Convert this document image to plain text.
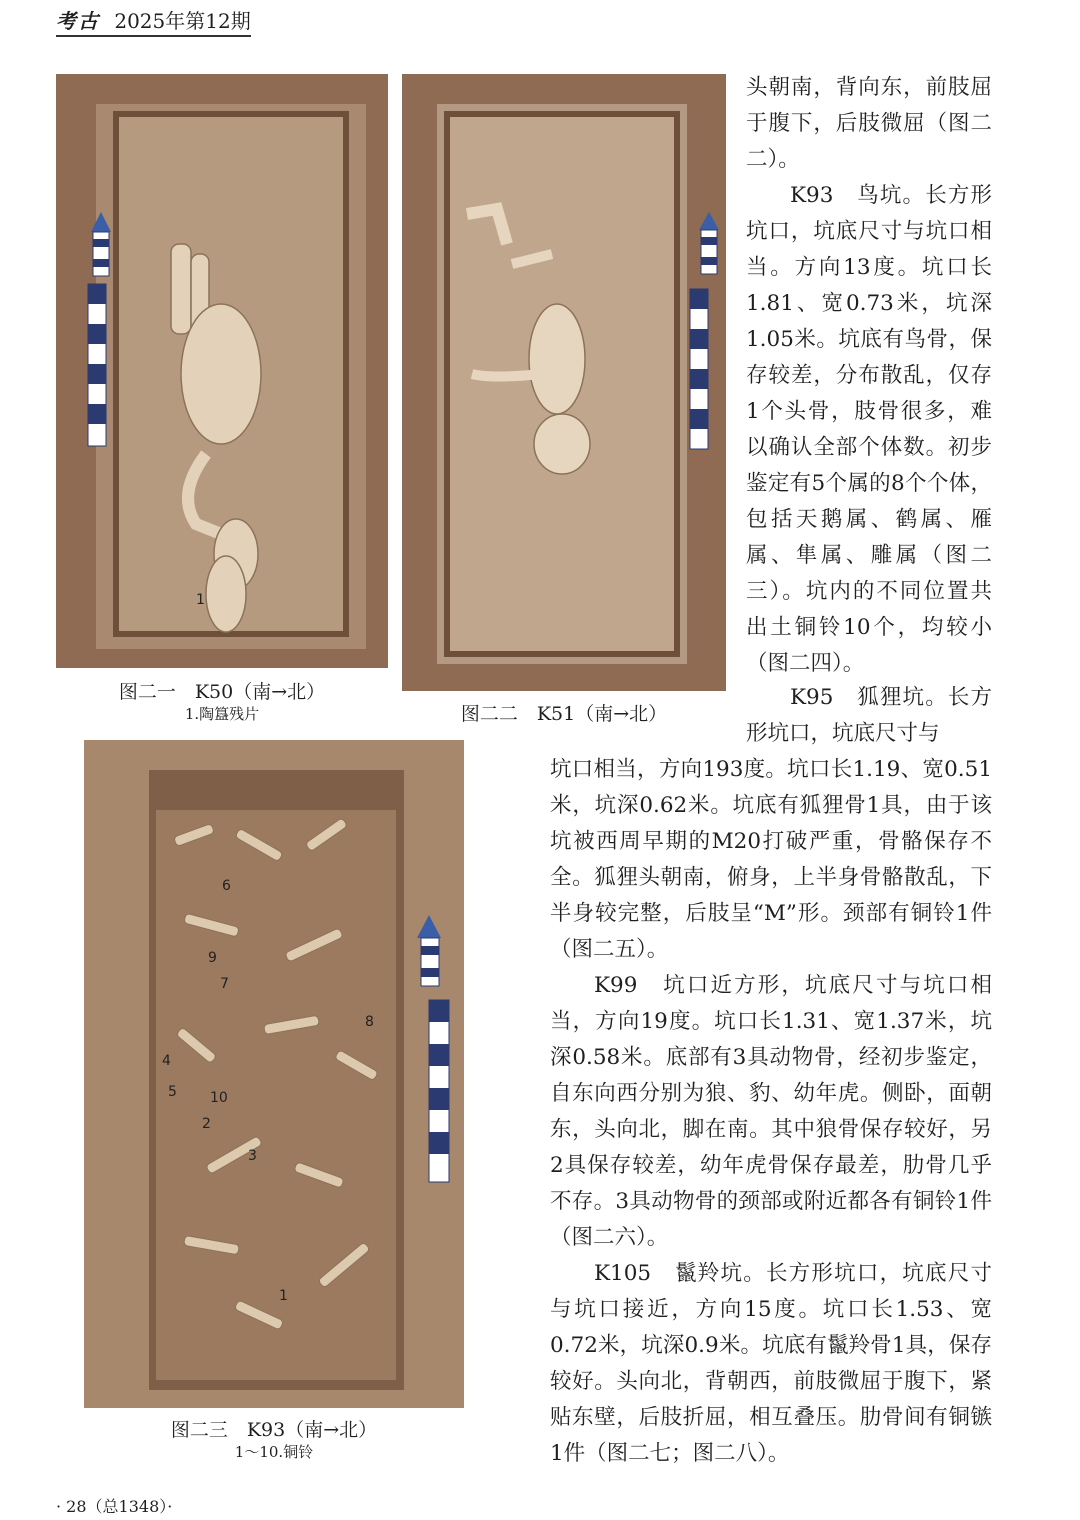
考古 2025年第12期
1
图二一　K50（南→北）
1.陶簋残片	图二二　K51（南→北）
1
2
3
4
5
6
7
8
9
10
图二三　K93（南→北）
1～10.铜铃

头朝南，背向东，前肢屈于腹下，后肢微屈（图二二）。

K93　鸟坑。长方形坑口，坑底尺寸与坑口相当。方向13度。坑口长1.81、宽0.73米，坑深1.05米。坑底有鸟骨，保存较差，分布散乱，仅存1个头骨，肢骨很多，难以确认全部个体数。初步鉴定有5个属的8个个体，包括天鹅属、鹤属、雁属、隼属、雕属（图二三）。坑内的不同位置共出土铜铃10个，均较小（图二四）。

K95　狐狸坑。长方形坑口，坑底尺寸与

坑口相当，方向193度。坑口长1.19、宽0.51米，坑深0.62米。坑底有狐狸骨1具，由于该坑被西周早期的M20打破严重，骨骼保存不全。狐狸头朝南，俯身，上半身骨骼散乱，下半身较完整，后肢呈“M”形。颈部有铜铃1件（图二五）。

K99　坑口近方形，坑底尺寸与坑口相当，方向19度。坑口长1.31、宽1.37米，坑深0.58米。底部有3具动物骨，经初步鉴定，自东向西分别为狼、豹、幼年虎。侧卧，面朝东，头向北，脚在南。其中狼骨保存较好，另2具保存较差，幼年虎骨保存最差，肋骨几乎不存。3具动物骨的颈部或附近都各有铜铃1件（图二六）。

K105　鬣羚坑。长方形坑口，坑底尺寸与坑口接近，方向15度。坑口长1.53、宽0.72米，坑深0.9米。坑底有鬣羚骨1具，保存较好。头向北，背朝西，前肢微屈于腹下，紧贴东壁，后肢折屈，相互叠压。肋骨间有铜镞1件（图二七；图二八）。

· 28（总1348）·
